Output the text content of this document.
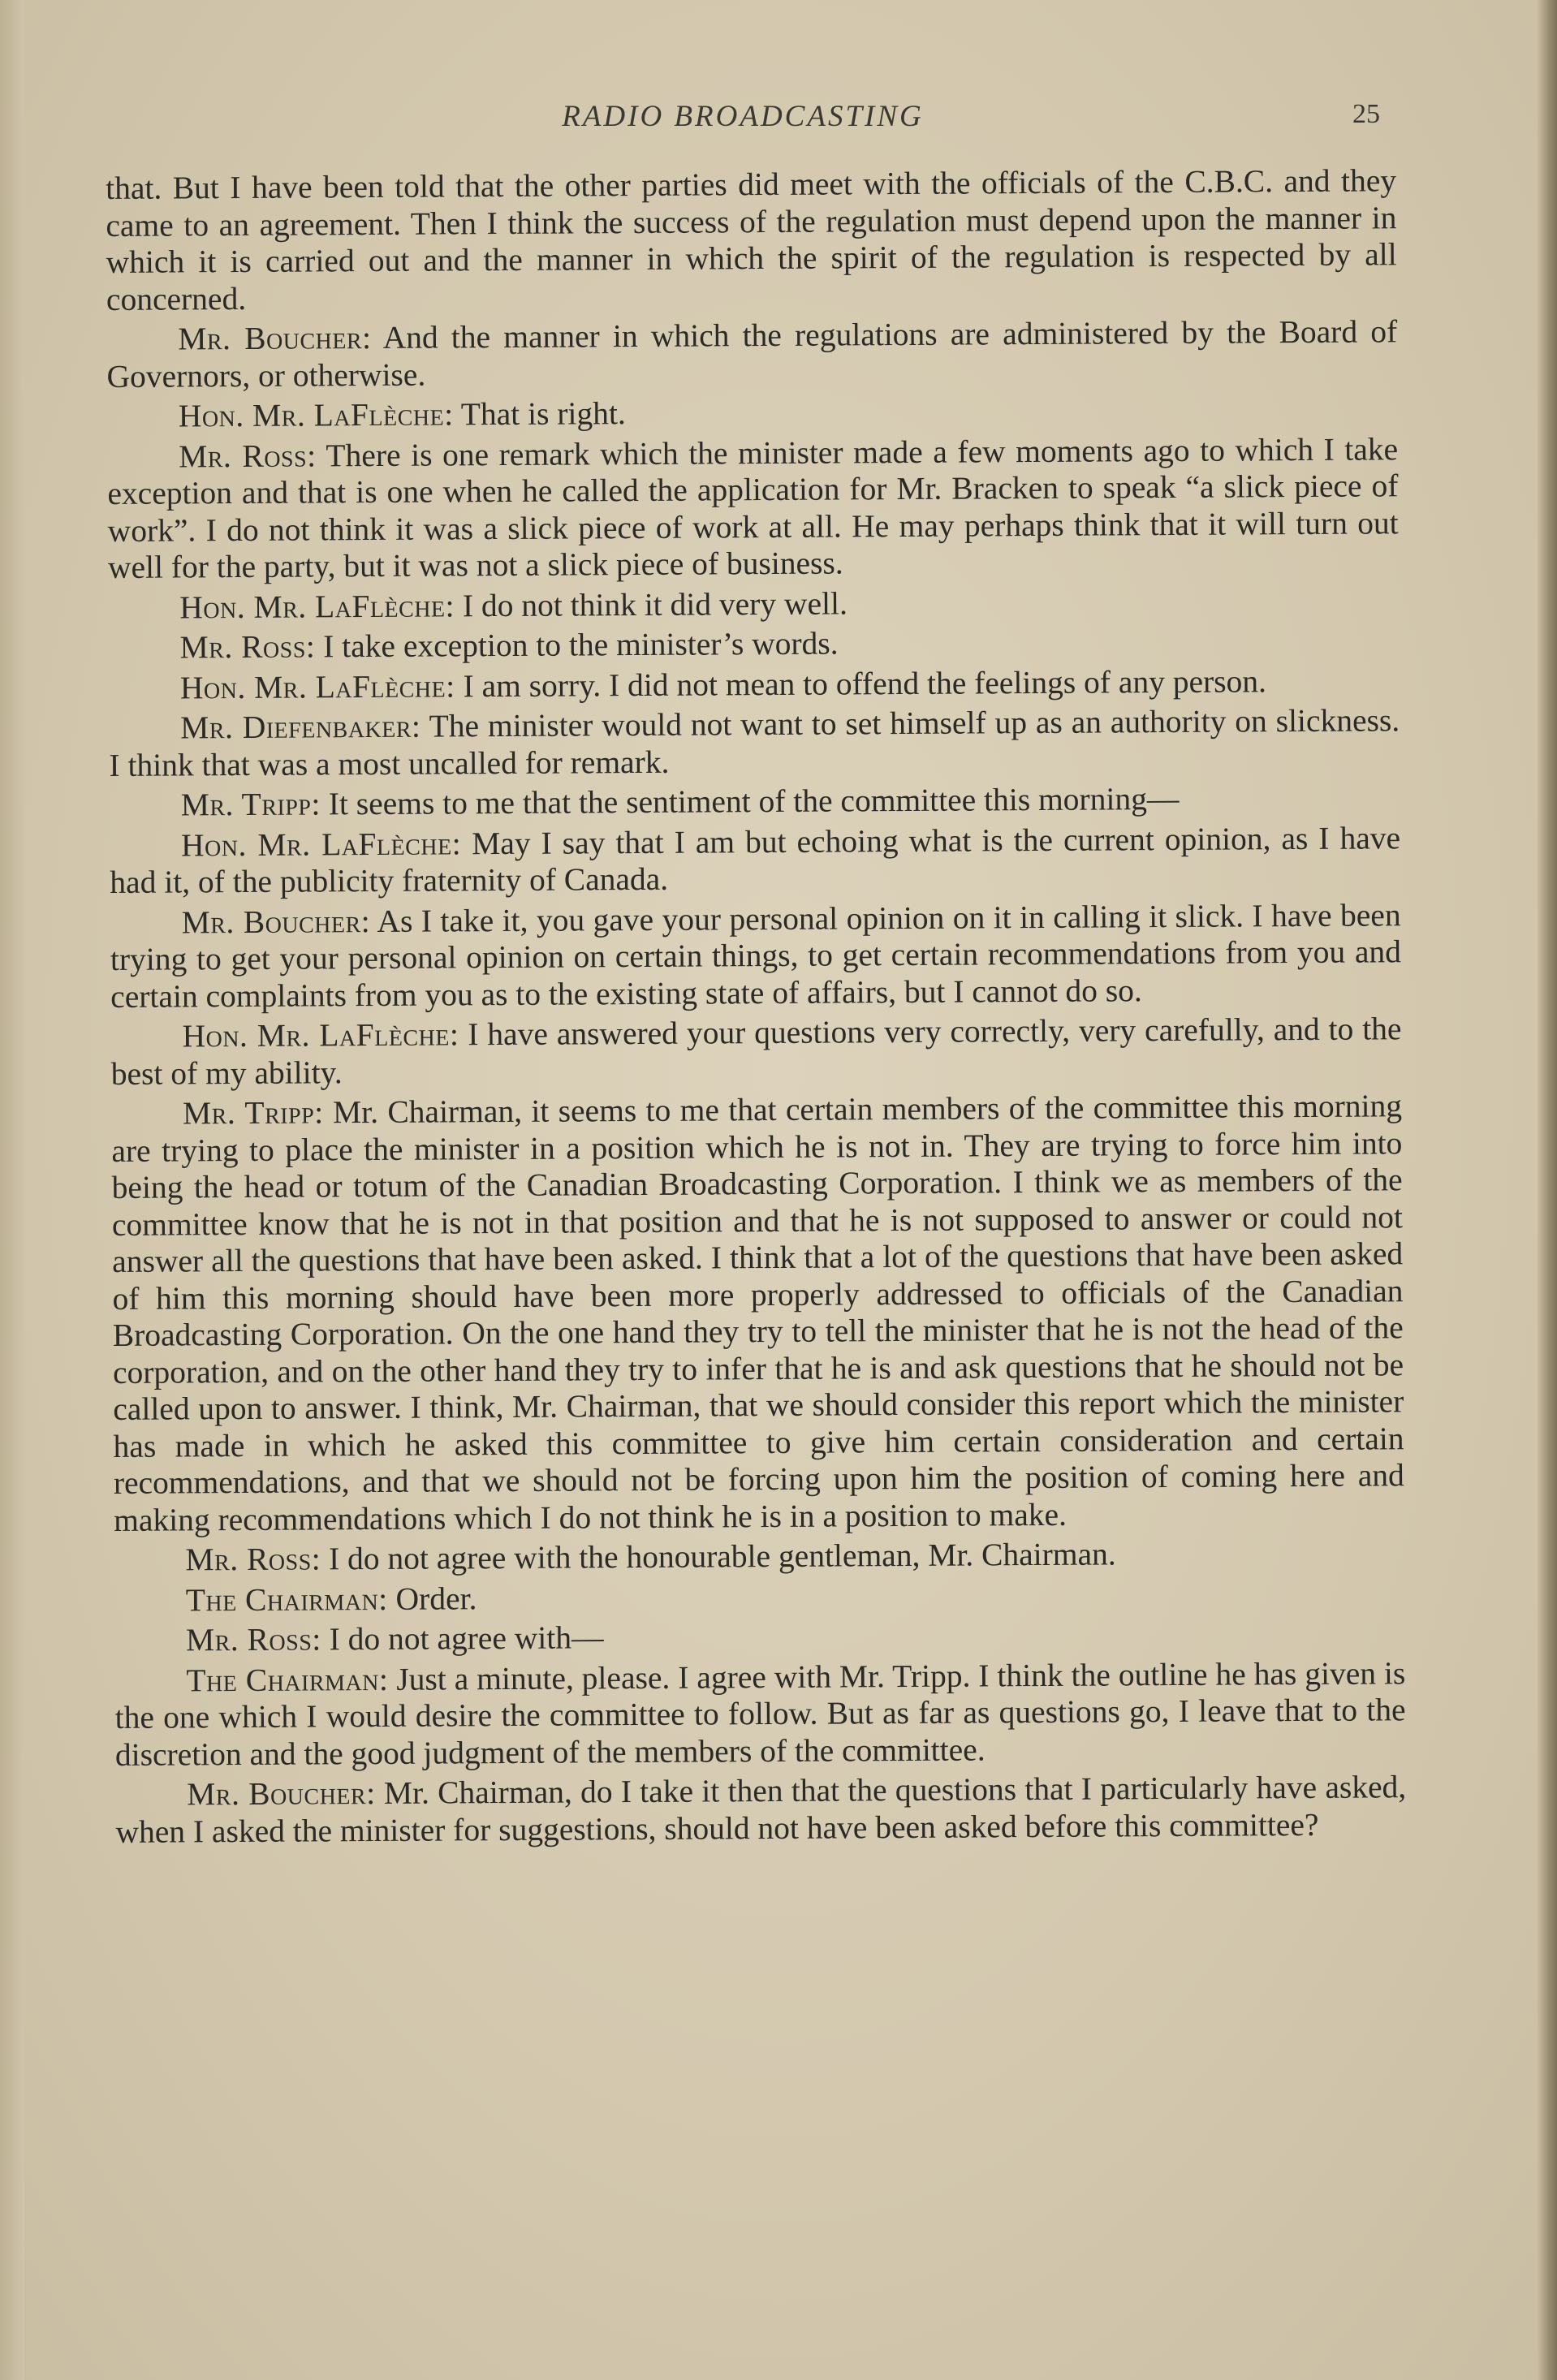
RADIO BROADCASTING	25

that. But I have been told that the other parties did meet with the officials of the C.B.C. and they came to an agreement. Then I think the success of the regulation must depend upon the manner in which it is carried out and the manner in which the spirit of the regulation is respected by all concerned.

Mr. Boucher: And the manner in which the regulations are administered by the Board of Governors, or otherwise.

Hon. Mr. LaFlèche: That is right.

Mr. Ross: There is one remark which the minister made a few moments ago to which I take exception and that is one when he called the application for Mr. Bracken to speak “a slick piece of work”. I do not think it was a slick piece of work at all. He may perhaps think that it will turn out well for the party, but it was not a slick piece of business.

Hon. Mr. LaFlèche: I do not think it did very well.

Mr. Ross: I take exception to the minister’s words.

Hon. Mr. LaFlèche: I am sorry. I did not mean to offend the feelings of any person.

Mr. Diefenbaker: The minister would not want to set himself up as an authority on slickness. I think that was a most uncalled for remark.

Mr. Tripp: It seems to me that the sentiment of the committee this morning—

Hon. Mr. LaFlèche: May I say that I am but echoing what is the current opinion, as I have had it, of the publicity fraternity of Canada.

Mr. Boucher: As I take it, you gave your personal opinion on it in calling it slick. I have been trying to get your personal opinion on certain things, to get certain recommendations from you and certain complaints from you as to the existing state of affairs, but I cannot do so.

Hon. Mr. LaFlèche: I have answered your questions very correctly, very carefully, and to the best of my ability.

Mr. Tripp: Mr. Chairman, it seems to me that certain members of the committee this morning are trying to place the minister in a position which he is not in. They are trying to force him into being the head or totum of the Canadian Broadcasting Corporation. I think we as members of the committee know that he is not in that position and that he is not supposed to answer or could not answer all the questions that have been asked. I think that a lot of the questions that have been asked of him this morning should have been more properly addressed to officials of the Canadian Broadcasting Corporation. On the one hand they try to tell the minister that he is not the head of the corporation, and on the other hand they try to infer that he is and ask questions that he should not be called upon to answer. I think, Mr. Chairman, that we should consider this report which the minister has made in which he asked this committee to give him certain consideration and certain recommendations, and that we should not be forcing upon him the position of coming here and making recommendations which I do not think he is in a position to make.

Mr. Ross: I do not agree with the honourable gentleman, Mr. Chairman.

The Chairman: Order.

Mr. Ross: I do not agree with—

The Chairman: Just a minute, please. I agree with Mr. Tripp. I think the outline he has given is the one which I would desire the committee to follow. But as far as questions go, I leave that to the discretion and the good judgment of the members of the committee.

Mr. Boucher: Mr. Chairman, do I take it then that the questions that I particularly have asked, when I asked the minister for suggestions, should not have been asked before this committee?
